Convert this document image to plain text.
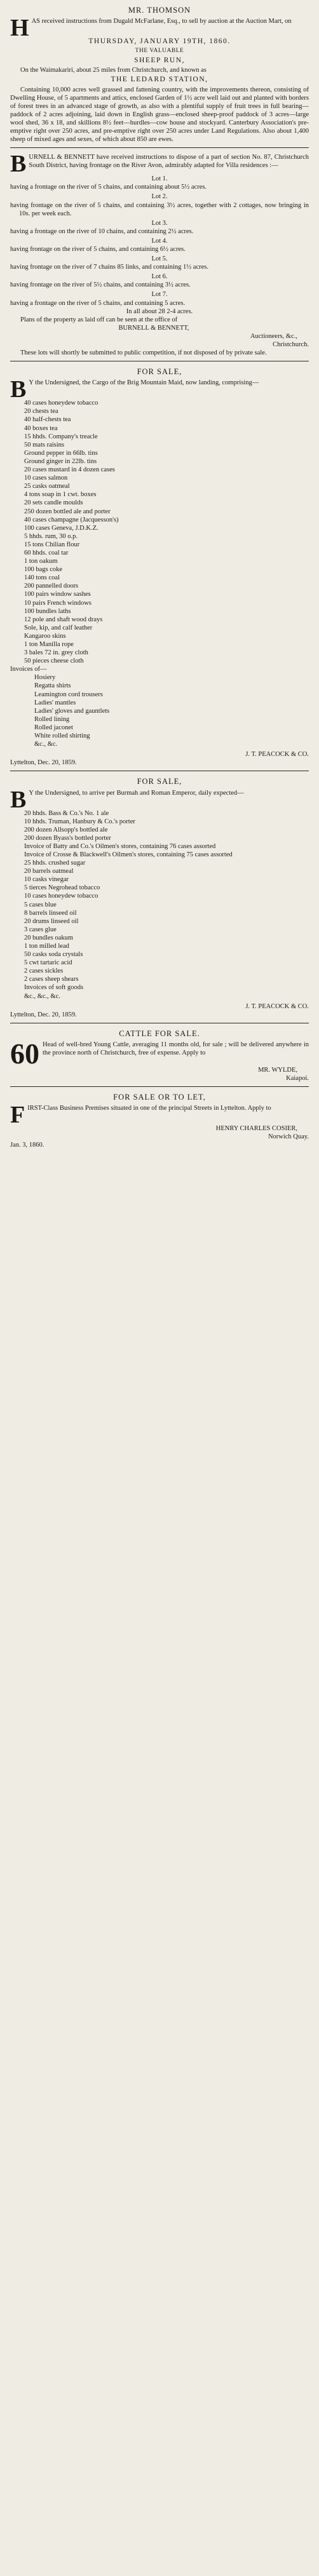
MR. THOMSON

HAS received instructions from Dugald McFarlane, Esq., to sell by auction at the Auction Mart, on

THURSDAY, JANUARY 19TH, 1860.
THE VALUABLE
SHEEP RUN,

On the Waimakariri, about 25 miles from Christchurch, and known as

THE LEDARD STATION,

Containing 10,000 acres well grassed and fattening country, with the improvements thereon, consisting of Dwelling House, of 5 apartments and attics, enclosed Garden of 1½ acre well laid out and planted with borders of forest trees in an advanced stage of growth, as also with a plentiful supply of fruit trees in full bearing—paddock of 2 acres adjoining, laid down in English grass—enclosed sheep-proof paddock of 3 acres—large wool shed, 36 x 18, and skillions 8½ feet—hurdles—cow house and stockyard. Canterbury Association's pre-emptive right over 250 acres, and pre-emptive right over 250 acres under Land Regulations. Also about 1,400 sheep of mixed ages and sexes, of which about 850 are ewes.

BURNELL & BENNETT have received instructions to dispose of a part of section No. 87, Christchurch South District, having frontage on the River Avon, admirably adapted for Villa residences :—

Lot 1.

having a frontage on the river of 5 chains, and containing about 5½ acres.

Lot 2.

having frontage on the river of 5 chains, and containing 3½ acres, together with 2 cottages, now bringing in 10s. per week each.

Lot 3.

having a frontage on the river of 10 chains, and containing 2½ acres.

Lot 4.

having frontage on the river of 5 chains, and containing 6½ acres.

Lot 5.

having frontage on the river of 7 chains 85 links, and containing 1½ acres.

Lot 6.

having frontage on the river of 5½ chains, and containing 3½ acres.

Lot 7.

having a frontage on the river of 5 chains, and containing 5 acres.

In all about 28 2-4 acres.

Plans of the property as laid off can be seen at the office of

BURNELL & BENNETT,
Auctioneers, &c.,
Christchurch.

These lots will shortly be submitted to public competition, if not disposed of by private sale.

FOR SALE,

B Y the Undersigned, the Cargo of the Brig Mountain Maid, now landing, comprising—

40 cases honeydew tobacco
20 chests tea
40 half-chests tea
40 boxes tea
15 hhds. Company's treacle
50 mats raisins
Ground pepper in 66lb. tins
Ground ginger in 22lb. tins
20 cases mustard in 4 dozen cases
10 cases salmon
25 casks oatmeal
4 tons soap in 1 cwt. boxes
20 sets candle moulds
250 dozen bottled ale and porter
40 cases champagne (Jacquesson's)
100 cases Geneva, J.D.K.Z.
5 hhds. rum, 30 o.p.
15 tons Chilian flour
60 hhds. coal tar
1 ton oakum
100 bags coke
140 tons coal
200 pannelled doors
100 pairs window sashes
10 pairs French windows
100 bundles laths
12 pole and shaft wood drays
Sole, kip, and calf leather
Kangaroo skins
1 ton Manilla rope
3 bales 72 in. grey cloth
50 pieces cheese cloth
Invoices of—
Hosiery
Regatta shirts
Leamington cord trousers
Ladies' mantles
Ladies' gloves and gauntlets
Rolled lining
Rolled jaconet
White rolled shirting
&c., &c.
J. T. PEACOCK & CO.
Lyttelton, Dec. 20, 1859.
FOR SALE,

B Y the Undersigned, to arrive per Burmah and Roman Emperor, daily expected—

20 hhds. Bass & Co.'s No. 1 ale
10 hhds. Truman, Hanbury & Co.'s porter
200 dozen Allsopp's bottled ale
200 dozen Byass's bottled porter
Invoice of Batty and Co.'s Oilmen's stores, containing 76 cases assorted
Invoice of Crosse & Blackwell's Oilmen's stores, containing 75 cases assorted
25 hhds. crushed sugar
20 barrels oatmeal
10 casks vinegar
5 tierces Negrohead tobacco
10 cases honeydew tobacco
5 cases blue
8 barrels linseed oil
20 drums linseed oil
3 cases glue
20 bundles oakum
1 ton milled lead
50 casks soda crystals
5 cwt tartaric acid
2 cases sickles
2 cases sheep shears
Invoices of soft goods
&c., &c., &c.
J. T. PEACOCK & CO.
Lyttelton, Dec. 20, 1859.
CATTLE FOR SALE.

60 Head of well-bred Young Cattle, averaging 11 months old, for sale ; will be delivered anywhere in the province north of Christchurch, free of expense. Apply to

MR. WYLDE,
Kaiapoi.
FOR SALE OR TO LET,

FIRST-Class Business Premises situated in one of the principal Streets in Lyttelton. Apply to

HENRY CHARLES COSIER,
Norwich Quay.
Jan. 3, 1860.
